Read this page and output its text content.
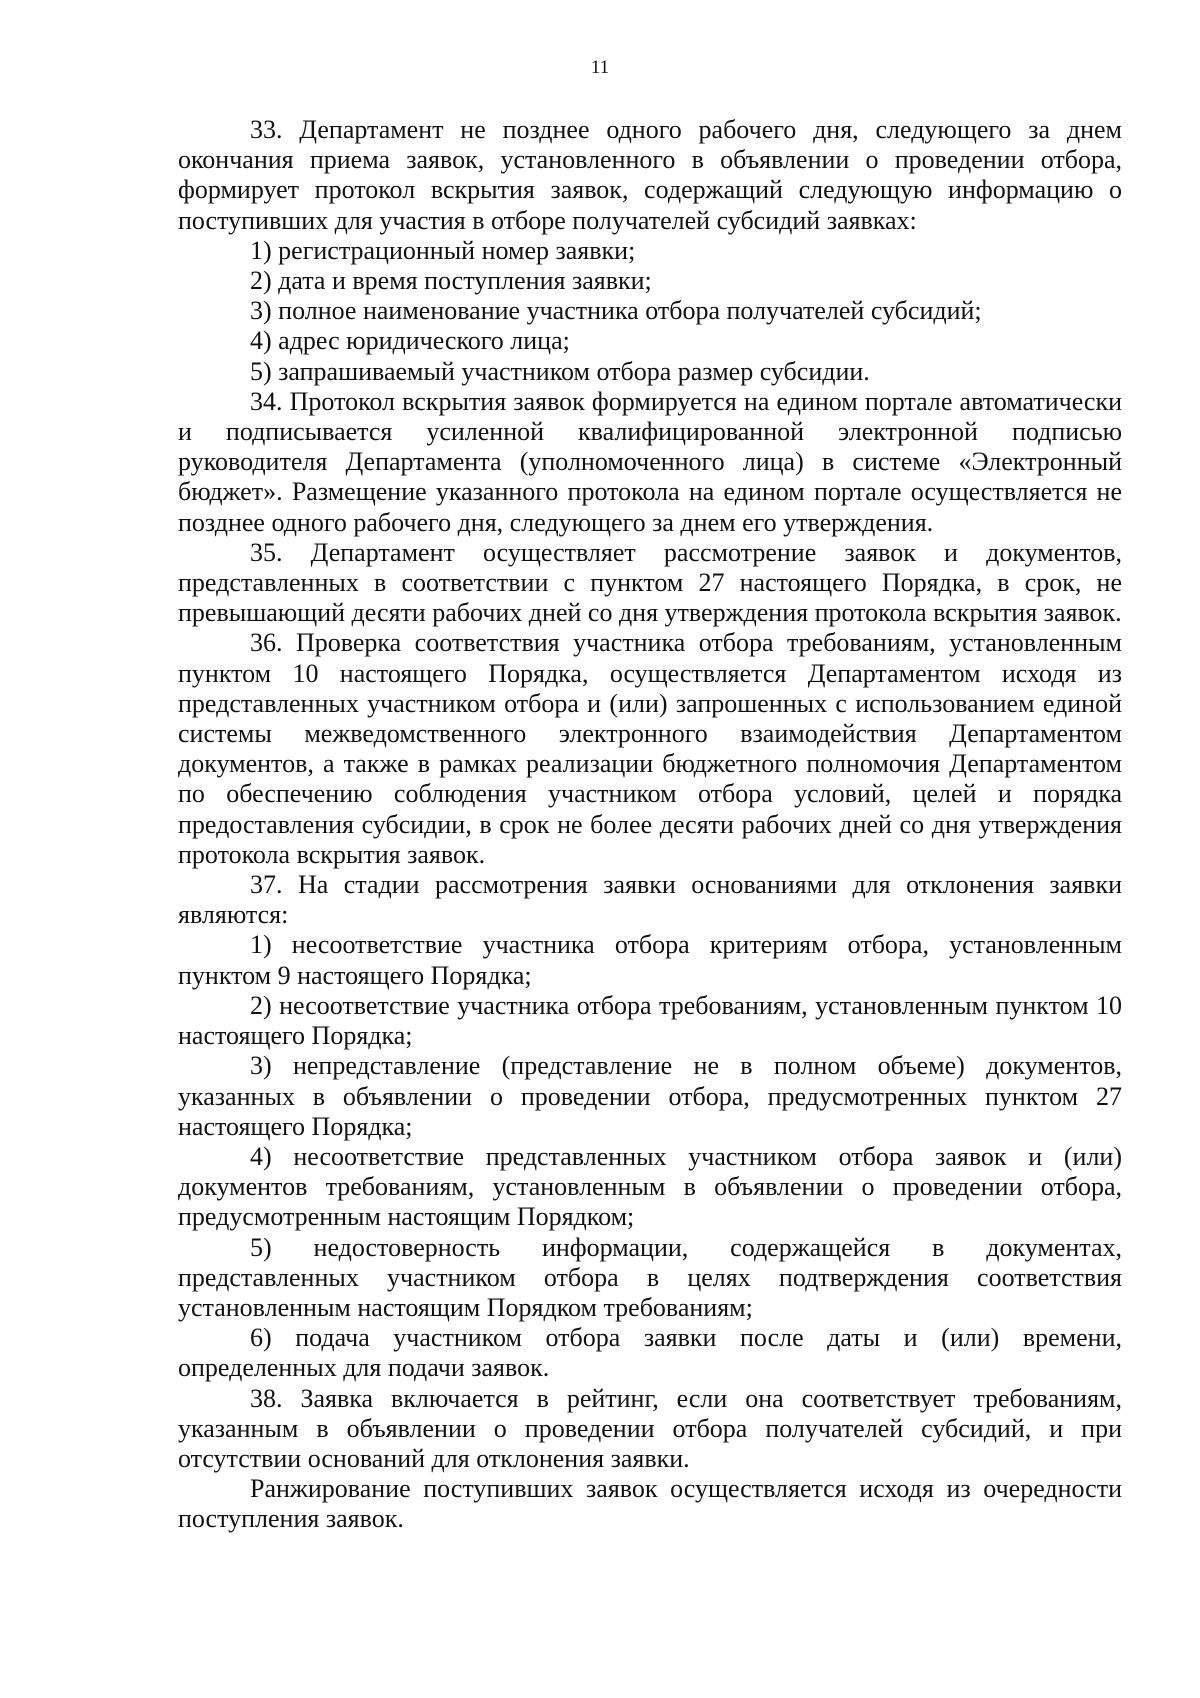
11

33. Департамент не позднее одного рабочего дня, следующего за днем окончания приема заявок, установленного в объявлении о проведении отбора, формирует протокол вскрытия заявок, содержащий следующую информацию о поступивших для участия в отборе получателей субсидий заявках:

1) регистрационный номер заявки;

2) дата и время поступления заявки;

3) полное наименование участника отбора получателей субсидий;

4) адрес юридического лица;

5) запрашиваемый участником отбора размер субсидии.

34. Протокол вскрытия заявок формируется на едином портале автоматически и подписывается усиленной квалифицированной электронной подписью руководителя Департамента (уполномоченного лица) в системе «Электронный бюджет». Размещение указанного протокола на едином портале осуществляется не позднее одного рабочего дня, следующего за днем его утверждения.

35. Департамент осуществляет рассмотрение заявок и документов, представленных в соответствии с пунктом 27 настоящего Порядка, в срок, не превышающий десяти рабочих дней со дня утверждения протокола вскрытия заявок.

36. Проверка соответствия участника отбора требованиям, установленным пунктом 10 настоящего Порядка, осуществляется Департаментом исходя из представленных участником отбора и (или) запрошенных с использованием единой системы межведомственного электронного взаимодействия Департаментом документов, а также в рамках реализации бюджетного полномочия Департаментом по обеспечению соблюдения участником отбора условий, целей и порядка предоставления субсидии, в срок не более десяти рабочих дней со дня утверждения протокола вскрытия заявок.

37. На стадии рассмотрения заявки основаниями для отклонения заявки являются:

1) несоответствие участника отбора критериям отбора, установленным пунктом 9 настоящего Порядка;

2) несоответствие участника отбора требованиям, установленным пунктом 10 настоящего Порядка;

3) непредставление (представление не в полном объеме) документов, указанных в объявлении о проведении отбора, предусмотренных пунктом 27 настоящего Порядка;

4) несоответствие представленных участником отбора заявок и (или) документов требованиям, установленным в объявлении о проведении отбора, предусмотренным настоящим Порядком;

5) недостоверность информации, содержащейся в документах, представленных участником отбора в целях подтверждения соответствия установленным настоящим Порядком требованиям;

6) подача участником отбора заявки после даты и (или) времени, определенных для подачи заявок.

38. Заявка включается в рейтинг, если она соответствует требованиям, указанным в объявлении о проведении отбора получателей субсидий, и при отсутствии оснований для отклонения заявки.

Ранжирование поступивших заявок осуществляется исходя из очередности поступления заявок.
